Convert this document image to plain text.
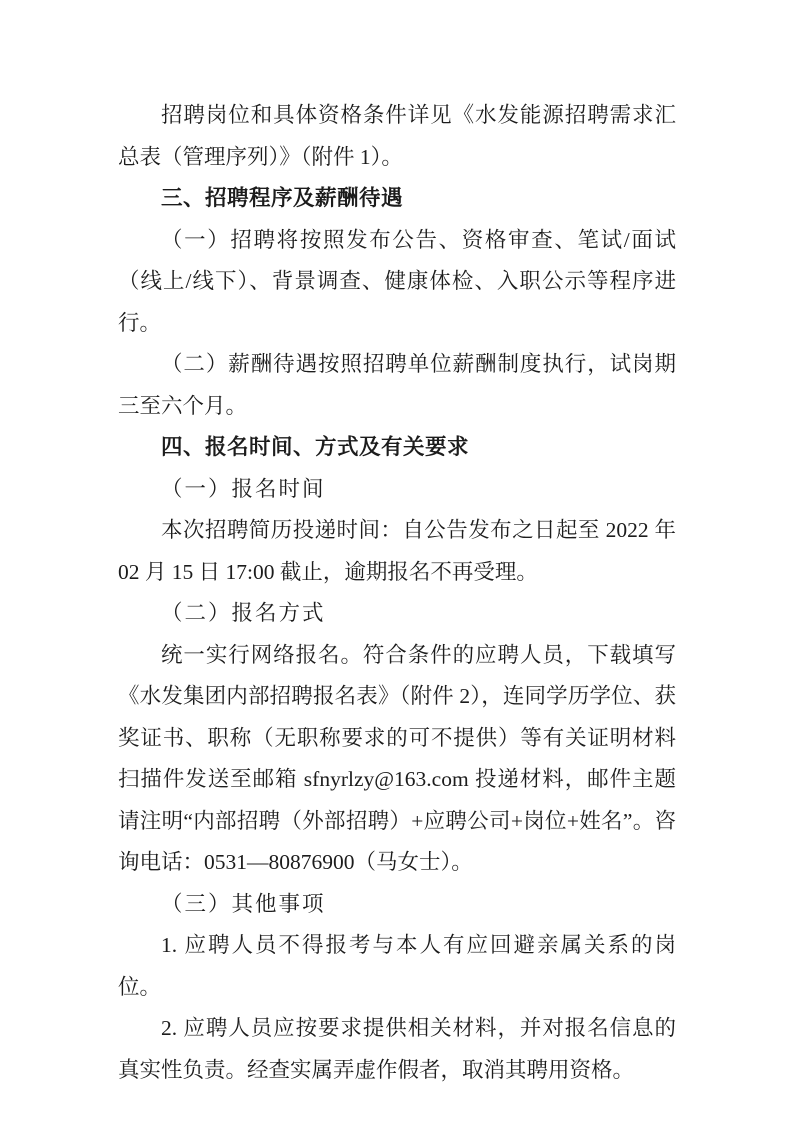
招聘岗位和具体资格条件详见《水发能源招聘需求汇总表（管理序列）》（附件 1）。

三、招聘程序及薪酬待遇

（一）招聘将按照发布公告、资格审查、笔试/面试（线上/线下）、背景调查、健康体检、入职公示等程序进行。

（二）薪酬待遇按照招聘单位薪酬制度执行，试岗期三至六个月。

四、报名时间、方式及有关要求

（一）报名时间

本次招聘简历投递时间：自公告发布之日起至 2022 年 02 月 15 日 17:00 截止，逾期报名不再受理。

（二）报名方式

统一实行网络报名。符合条件的应聘人员，下载填写《水发集团内部招聘报名表》（附件 2），连同学历学位、获奖证书、职称（无职称要求的可不提供）等有关证明材料扫描件发送至邮箱 sfnyrlzy@163.com 投递材料，邮件主题请注明“内部招聘（外部招聘）+应聘公司+岗位+姓名”。咨询电话：0531—80876900（马女士）。

（三）其他事项

1. 应聘人员不得报考与本人有应回避亲属关系的岗位。

2. 应聘人员应按要求提供相关材料，并对报名信息的真实性负责。经查实属弄虚作假者，取消其聘用资格。
